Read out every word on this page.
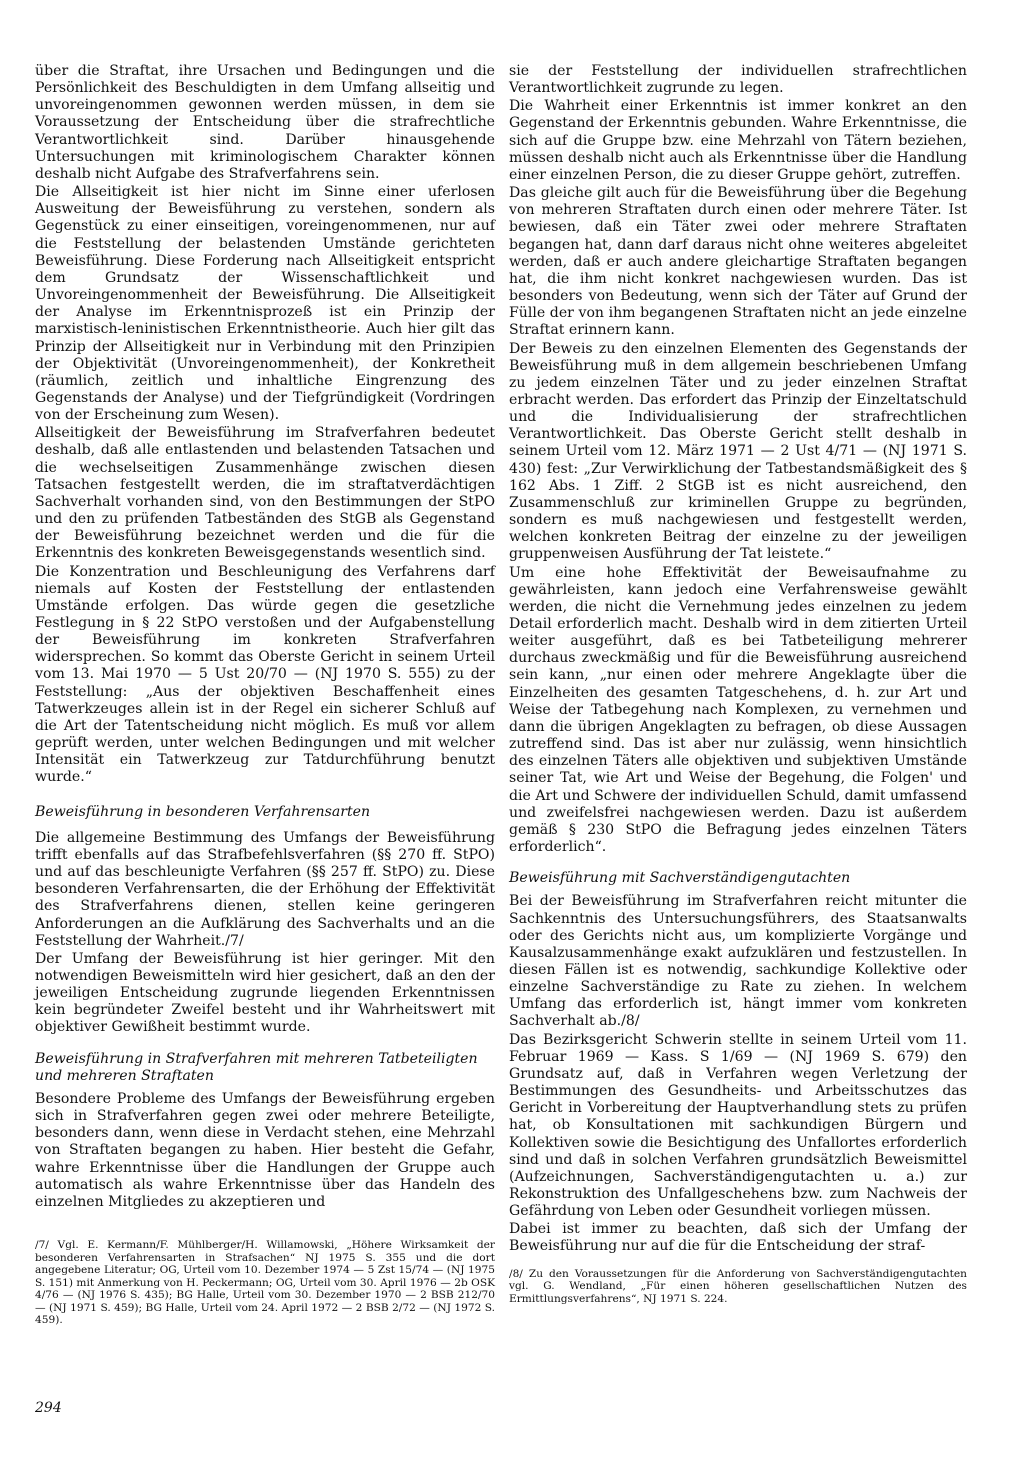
über die Straftat, ihre Ursachen und Bedingungen und die Persönlichkeit des Beschuldigten in dem Umfang allseitig und unvoreingenommen gewonnen werden müssen, in dem sie Voraussetzung der Entscheidung über die strafrechtliche Verantwortlichkeit sind. Darüber hinausgehende Untersuchungen mit kriminologischem Charakter können deshalb nicht Aufgabe des Strafverfahrens sein.

Die Allseitigkeit ist hier nicht im Sinne einer uferlosen Ausweitung der Beweisführung zu verstehen, sondern als Gegenstück zu einer einseitigen, voreingenommenen, nur auf die Feststellung der belastenden Umstände gerichteten Beweisführung. Diese Forderung nach Allseitigkeit entspricht dem Grundsatz der Wissenschaftlichkeit und Unvoreingenommenheit der Beweisführung. Die Allseitigkeit der Analyse im Erkenntnisprozeß ist ein Prinzip der marxistisch-leninistischen Erkenntnistheorie. Auch hier gilt das Prinzip der Allseitigkeit nur in Verbindung mit den Prinzipien der Objektivität (Unvoreingenommenheit), der Konkretheit (räumlich, zeitlich und inhaltliche Eingrenzung des Gegenstands der Analyse) und der Tiefgründigkeit (Vordringen von der Erscheinung zum Wesen).

Allseitigkeit der Beweisführung im Strafverfahren bedeutet deshalb, daß alle entlastenden und belastenden Tatsachen und die wechselseitigen Zusammenhänge zwischen diesen Tatsachen festgestellt werden, die im straftatverdächtigen Sachverhalt vorhanden sind, von den Bestimmungen der StPO und den zu prüfenden Tatbeständen des StGB als Gegenstand der Beweisführung bezeichnet werden und die für die Erkenntnis des konkreten Beweisgegenstands wesentlich sind.

Die Konzentration und Beschleunigung des Verfahrens darf niemals auf Kosten der Feststellung der entlastenden Umstände erfolgen. Das würde gegen die gesetzliche Festlegung in § 22 StPO verstoßen und der Aufgabenstellung der Beweisführung im konkreten Strafverfahren widersprechen. So kommt das Oberste Gericht in seinem Urteil vom 13. Mai 1970 — 5 Ust 20/70 — (NJ 1970 S. 555) zu der Feststellung: „Aus der objektiven Beschaffenheit eines Tatwerkzeuges allein ist in der Regel ein sicherer Schluß auf die Art der Tatentscheidung nicht möglich. Es muß vor allem geprüft werden, unter welchen Bedingungen und mit welcher Intensität ein Tatwerkzeug zur Tatdurchführung benutzt wurde.“

Beweisführung in besonderen Verfahrensarten

Die allgemeine Bestimmung des Umfangs der Beweisführung trifft ebenfalls auf das Strafbefehlsverfahren (§§ 270 ff. StPO) und auf das beschleunigte Verfahren (§§ 257 ff. StPO) zu. Diese besonderen Verfahrensarten, die der Erhöhung der Effektivität des Strafverfahrens dienen, stellen keine geringeren Anforderungen an die Aufklärung des Sachverhalts und an die Feststellung der Wahrheit./7/

Der Umfang der Beweisführung ist hier geringer. Mit den notwendigen Beweismitteln wird hier gesichert, daß an den der jeweiligen Entscheidung zugrunde liegenden Erkenntnissen kein begründeter Zweifel besteht und ihr Wahrheitswert mit objektiver Gewißheit bestimmt wurde.

Beweisführung in Strafverfahren mit mehreren Tatbeteiligten und mehreren Straftaten

Besondere Probleme des Umfangs der Beweisführung ergeben sich in Strafverfahren gegen zwei oder mehrere Beteiligte, besonders dann, wenn diese in Verdacht stehen, eine Mehrzahl von Straftaten begangen zu haben. Hier besteht die Gefahr, wahre Erkenntnisse über die Handlungen der Gruppe auch automatisch als wahre Erkenntnisse über das Handeln des einzelnen Mitgliedes zu akzeptieren und

/7/ Vgl. E. Kermann/F. Mühlberger/H. Willamowski, „Höhere Wirksamkeit der besonderen Verfahrensarten in Strafsachen“ NJ 1975 S. 355 und die dort angegebene Literatur; OG, Urteil vom 10. Dezember 1974 — 5 Zst 15/74 — (NJ 1975 S. 151) mit Anmerkung von H. Peckermann; OG, Urteil vom 30. April 1976 — 2b OSK 4/76 — (NJ 1976 S. 435); BG Halle, Urteil vom 30. Dezember 1970 — 2 BSB 212/70 — (NJ 1971 S. 459); BG Halle, Urteil vom 24. April 1972 — 2 BSB 2/72 — (NJ 1972 S. 459).

sie der Feststellung der individuellen strafrechtlichen Verantwortlichkeit zugrunde zu legen.

Die Wahrheit einer Erkenntnis ist immer konkret an den Gegenstand der Erkenntnis gebunden. Wahre Erkenntnisse, die sich auf die Gruppe bzw. eine Mehrzahl von Tätern beziehen, müssen deshalb nicht auch als Erkenntnisse über die Handlung einer einzelnen Person, die zu dieser Gruppe gehört, zutreffen.

Das gleiche gilt auch für die Beweisführung über die Begehung von mehreren Straftaten durch einen oder mehrere Täter. Ist bewiesen, daß ein Täter zwei oder mehrere Straftaten begangen hat, dann darf daraus nicht ohne weiteres abgeleitet werden, daß er auch andere gleichartige Straftaten begangen hat, die ihm nicht konkret nachgewiesen wurden. Das ist besonders von Bedeutung, wenn sich der Täter auf Grund der Fülle der von ihm begangenen Straftaten nicht an jede einzelne Straftat erinnern kann.

Der Beweis zu den einzelnen Elementen des Gegenstands der Beweisführung muß in dem allgemein beschriebenen Umfang zu jedem einzelnen Täter und zu jeder einzelnen Straftat erbracht werden. Das erfordert das Prinzip der Einzeltatschuld und die Individualisierung der strafrechtlichen Verantwortlichkeit. Das Oberste Gericht stellt deshalb in seinem Urteil vom 12. März 1971 — 2 Ust 4/71 — (NJ 1971 S. 430) fest: „Zur Verwirklichung der Tatbestandsmäßigkeit des § 162 Abs. 1 Ziff. 2 StGB ist es nicht ausreichend, den Zusammenschluß zur kriminellen Gruppe zu begründen, sondern es muß nachgewiesen und festgestellt werden, welchen konkreten Beitrag der einzelne zu der jeweiligen gruppenweisen Ausführung der Tat leistete.“

Um eine hohe Effektivität der Beweisaufnahme zu gewährleisten, kann jedoch eine Verfahrensweise gewählt werden, die nicht die Vernehmung jedes einzelnen zu jedem Detail erforderlich macht. Deshalb wird in dem zitierten Urteil weiter ausgeführt, daß es bei Tatbeteiligung mehrerer durchaus zweckmäßig und für die Beweisführung ausreichend sein kann, „nur einen oder mehrere Angeklagte über die Einzelheiten des gesamten Tatgeschehens, d. h. zur Art und Weise der Tatbegehung nach Komplexen, zu vernehmen und dann die übrigen Angeklagten zu befragen, ob diese Aussagen zutreffend sind. Das ist aber nur zulässig, wenn hinsichtlich des einzelnen Täters alle objektiven und subjektiven Umstände seiner Tat, wie Art und Weise der Begehung, die Folgen' und die Art und Schwere der individuellen Schuld, damit umfassend und zweifelsfrei nachgewiesen werden. Dazu ist außerdem gemäß § 230 StPO die Befragung jedes einzelnen Täters erforderlich“.

Beweisführung mit Sachverständigengutachten

Bei der Beweisführung im Strafverfahren reicht mitunter die Sachkenntnis des Untersuchungsführers, des Staatsanwalts oder des Gerichts nicht aus, um komplizierte Vorgänge und Kausalzusammenhänge exakt aufzuklären und festzustellen. In diesen Fällen ist es notwendig, sachkundige Kollektive oder einzelne Sachverständige zu Rate zu ziehen. In welchem Umfang das erforderlich ist, hängt immer vom konkreten Sachverhalt ab./8/

Das Bezirksgericht Schwerin stellte in seinem Urteil vom 11. Februar 1969 — Kass. S 1/69 — (NJ 1969 S. 679) den Grundsatz auf, daß in Verfahren wegen Verletzung der Bestimmungen des Gesundheits- und Arbeitsschutzes das Gericht in Vorbereitung der Hauptverhandlung stets zu prüfen hat, ob Konsultationen mit sachkundigen Bürgern und Kollektiven sowie die Besichtigung des Unfallortes erforderlich sind und daß in solchen Verfahren grundsätzlich Beweismittel (Aufzeichnungen, Sachverständigengutachten u. a.) zur Rekonstruktion des Unfallgeschehens bzw. zum Nachweis der Gefährdung von Leben oder Gesundheit vorliegen müssen.

Dabei ist immer zu beachten, daß sich der Umfang der Beweisführung nur auf die für die Entscheidung der straf-

/8/ Zu den Voraussetzungen für die Anforderung von Sachverständigengutachten vgl. G. Wendland, „Für einen höheren gesellschaftlichen Nutzen des Ermittlungsverfahrens“, NJ 1971 S. 224.

294
